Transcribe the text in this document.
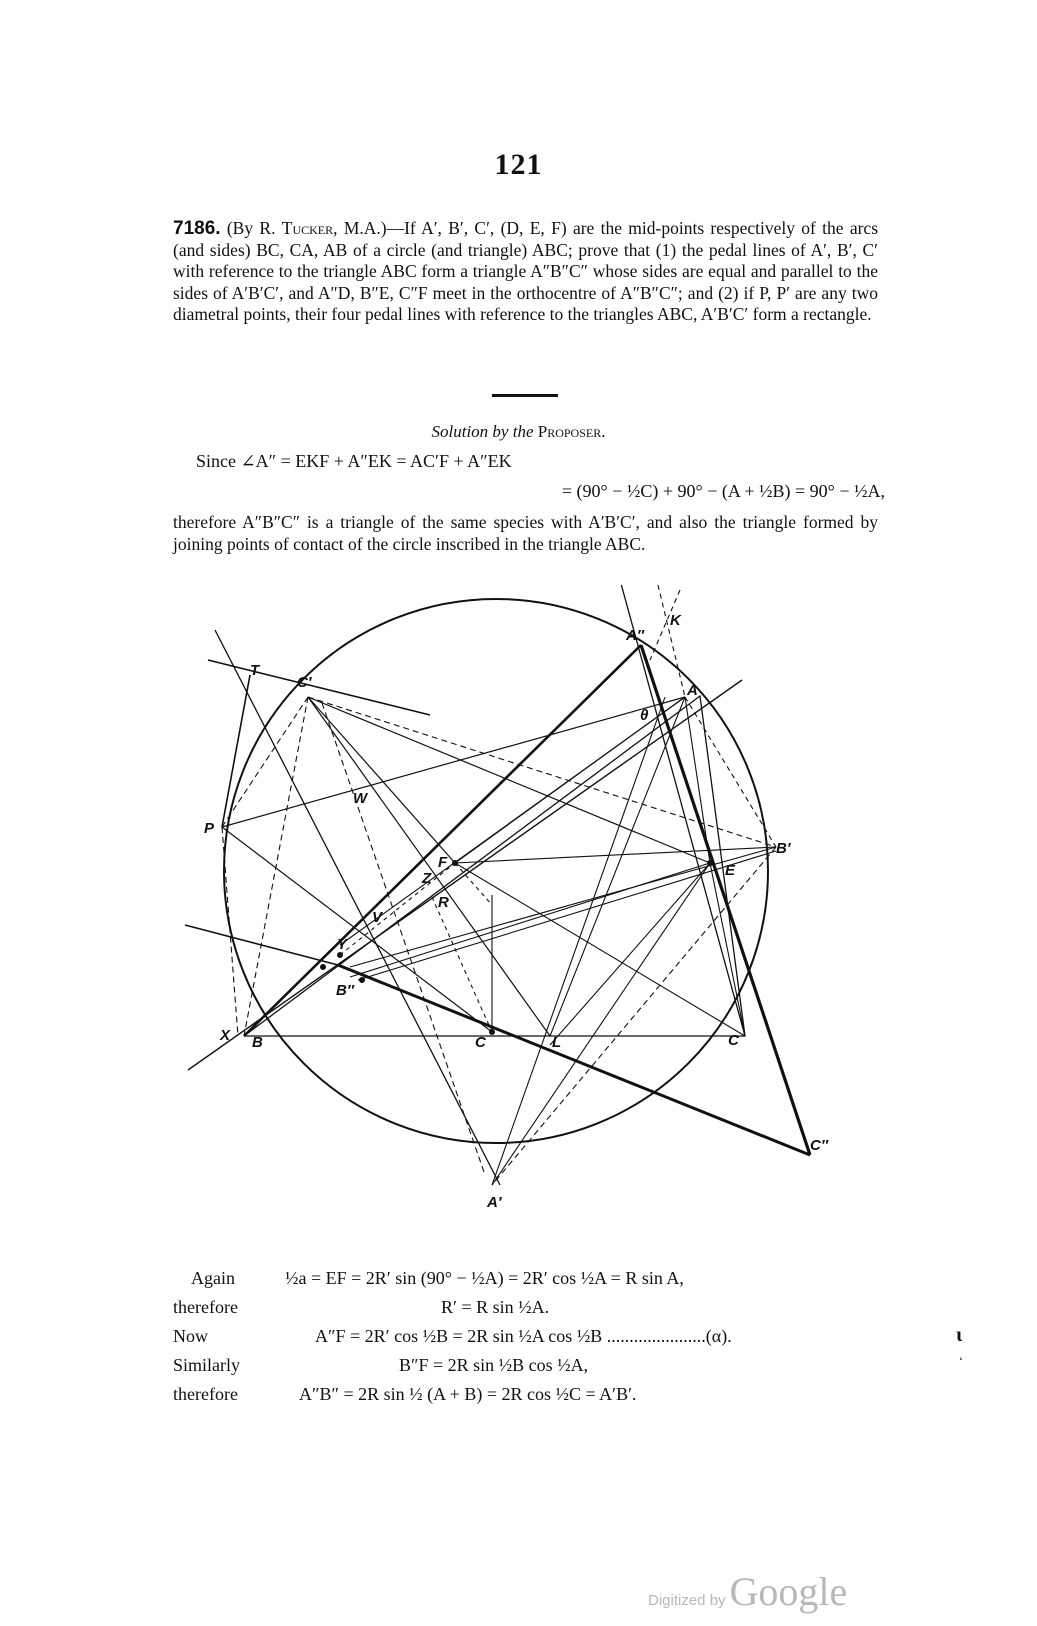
121
7186. (By R. Tucker, M.A.)—If A′, B′, C′, (D, E, F) are the mid-points respectively of the arcs (and sides) BC, CA, AB of a circle (and triangle) ABC; prove that (1) the pedal lines of A′, B′, C′ with reference to the triangle ABC form a triangle A″B″C″ whose sides are equal and parallel to the sides of A′B′C′, and A″D, B″E, C″F meet in the orthocentre of A″B″C″; and (2) if P, P′ are any two diametral points, their four pedal lines with reference to the triangles ABC, A′B′C′ form a rectangle.
Solution by the Proposer.
Since ∠A″ = EKF + A″EK = AC′F + A″EK
= (90° − ½C) + 90° − (A + ½B) = 90° − ½A,
therefore A″B″C″ is a triangle of the same species with A′B′C′, and also the triangle formed by joining points of contact of the circle inscribed in the triangle ABC.
T
C′
A″
K
A
θ
W
P
F
B′
E
Z
R
V
Y
B″
X B	C	L	C
C″
A′
Again	½a = EF = 2R′ sin (90° − ½A) = 2R′ cos ½A = R sin A,
therefore	R′ = R sin ½A.
Now	A″F = 2R′ cos ½B = 2R sin ½A cos ½B ......................(α).
Similarly	B″F = 2R sin ½B cos ½A,
therefore	A″B″ = 2R sin ½ (A + B) = 2R cos ½C = A′B′.
ɩ
ʻ
Digitized by Google
